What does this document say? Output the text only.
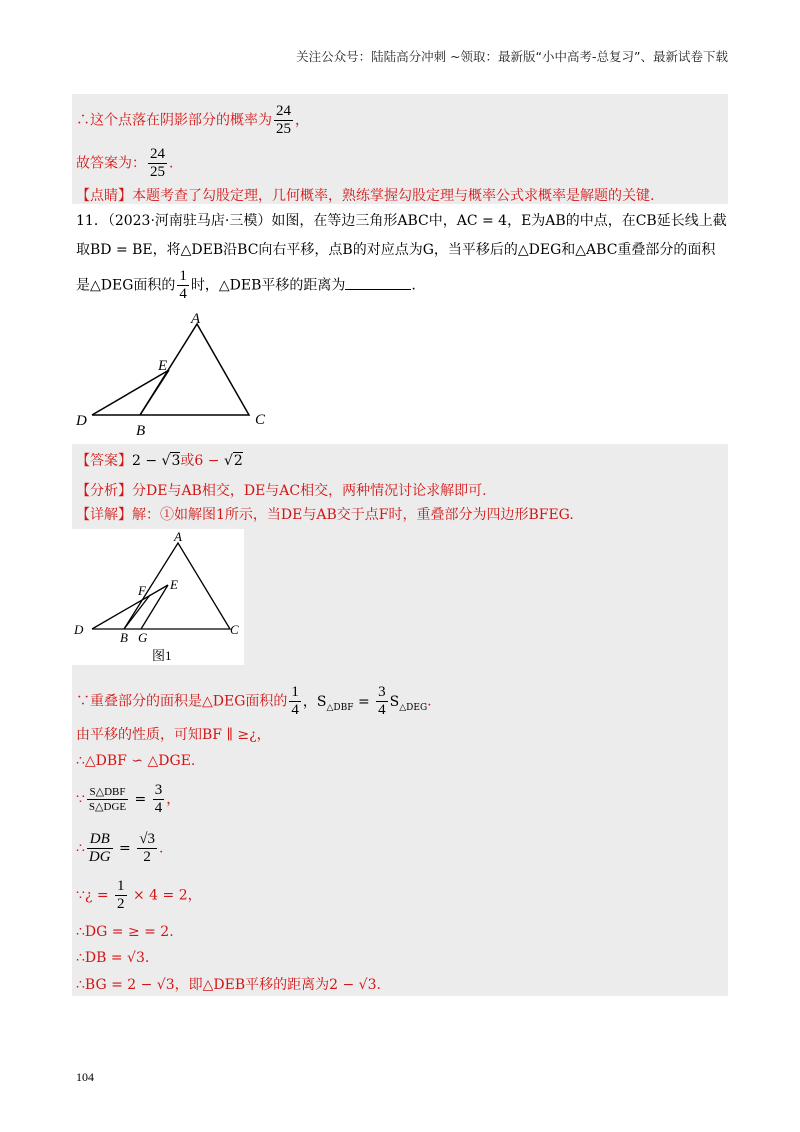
关注公众号：陆陆高分冲刺 ~领取：最新版“小中高考-总复习”、最新试卷下载
∴这个点落在阴影部分的概率为 $\frac{24}{25}$ ，
故答案为： $\frac{24}{25}$ .
【点睛】本题考查了勾股定理，几何概率，熟练掌握勾股定理与概率公式求概率是解题的关键.
11．（2023·河南驻马店·三模）如图，在等边三角形ABC中，AC = 4，E为AB的中点，在CB延长线上截
取BD = BE，将△DEB沿BC向右平移，点B的对应点为G，当平移后的△DEG和△ABC重叠部分的面积
是△DEG面积的 $\frac{1}{4}$ 时，△DEB平移的距离为	.
A
E
D
B
C
【答案】2 − √3或6 − √2
【分析】分DE与AB相交，DE与AC相交，两种情况讨论求解即可.
【详解】解：①如解图1所示，当DE与AB交于点F时，重叠部分为四边形BFEG.
A
E
F
D
B G
C
图1
∵重叠部分的面积是△DEG面积的 $\frac{1}{4}$ ，$S_{\triangle DBF} = \frac{3}{4} S_{\triangle DEG}$.
由平移的性质，可知BF ∥ ≥¿，
∴△DBF ∽ △DGE.
∵ $\frac{\text{S△DBF}}{\text{S△DGE}} = \frac{3}{4}$ ，
∴ $\frac{DB}{DG} = \frac{√3}{2}$ .
∵¿ = $\frac{1}{2} \times 4 = 2$，
∴DG = ≥ = 2.
∴DB = √3.
∴BG = 2 − √3，即△DEB平移的距离为2 − √3.
104
